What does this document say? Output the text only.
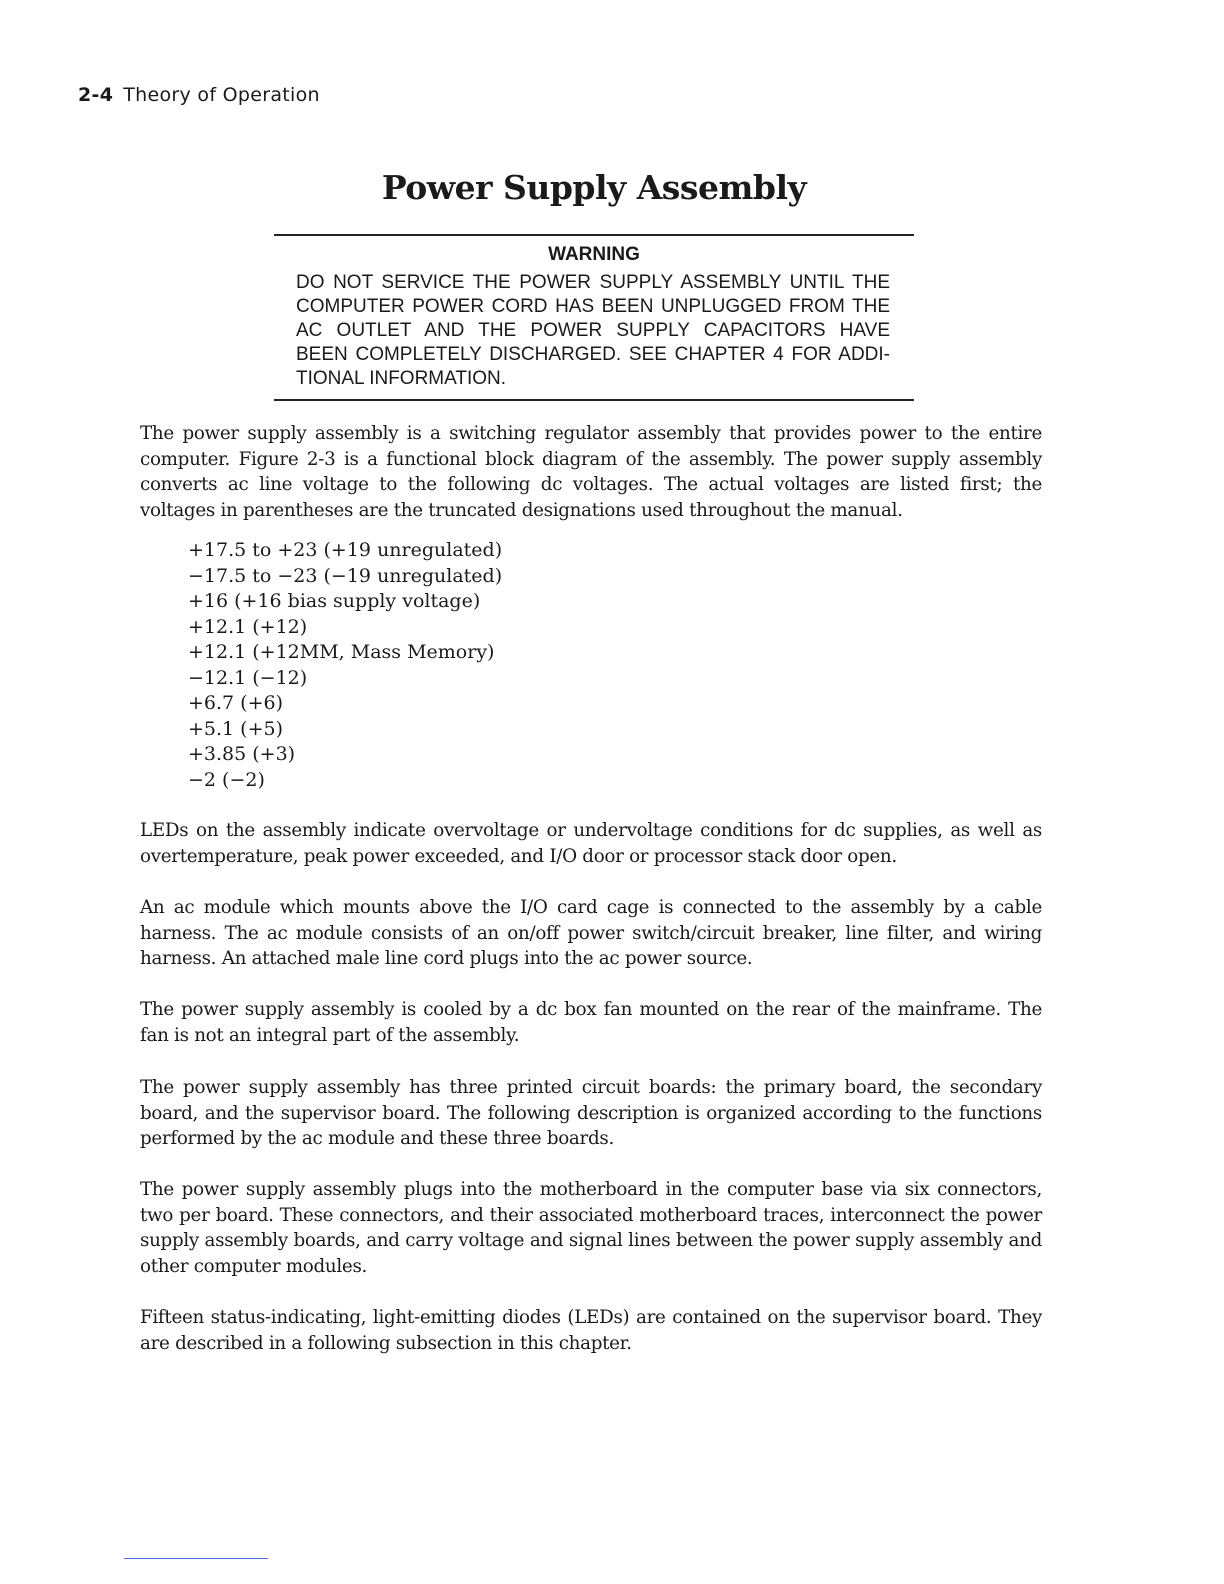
2-4 Theory of Operation
Power Supply Assembly
WARNING
DO NOT SERVICE THE POWER SUPPLY ASSEMBLY UNTIL THE
COMPUTER POWER CORD HAS BEEN UNPLUGGED FROM THE
AC OUTLET AND THE POWER SUPPLY CAPACITORS HAVE
BEEN COMPLETELY DISCHARGED. SEE CHAPTER 4 FOR ADDI-
TIONAL INFORMATION.

The power supply assembly is a switching regulator assembly that provides power to the entire computer. Figure 2-3 is a functional block diagram of the assembly. The power supply assembly converts ac line voltage to the following dc voltages. The actual voltages are listed first; the voltages in parentheses are the truncated designations used throughout the manual.

+17.5 to +23 (+19 unregulated)
−17.5 to −23 (−19 unregulated)
+16 (+16 bias supply voltage)
+12.1 (+12)
+12.1 (+12MM, Mass Memory)
−12.1 (−12)
+6.7 (+6)
+5.1 (+5)
+3.85 (+3)
−2 (−2)

LEDs on the assembly indicate overvoltage or undervoltage conditions for dc supplies, as well as overtemperature, peak power exceeded, and I/O door or processor stack door open.

An ac module which mounts above the I/O card cage is connected to the assembly by a cable harness. The ac module consists of an on/off power switch/circuit breaker, line filter, and wiring harness. An attached male line cord plugs into the ac power source.

The power supply assembly is cooled by a dc box fan mounted on the rear of the mainframe. The fan is not an integral part of the assembly.

The power supply assembly has three printed circuit boards: the primary board, the secondary board, and the supervisor board. The following description is organized according to the functions performed by the ac module and these three boards.

The power supply assembly plugs into the motherboard in the computer base via six connectors, two per board. These connectors, and their associated motherboard traces, interconnect the power supply assembly boards, and carry voltage and signal lines between the power supply assembly and other computer modules.

Fifteen status-indicating, light-emitting diodes (LEDs) are contained on the supervisor board. They are described in a following subsection in this chapter.
